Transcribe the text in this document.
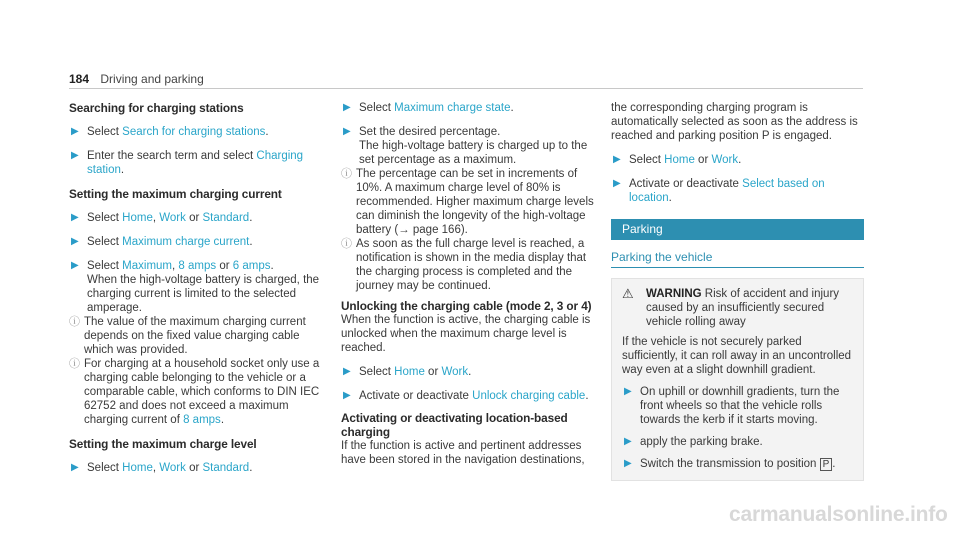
184 Driving and parking
Searching for charging stations
▶ Select Search for charging stations.
▶ Enter the search term and select Charging station.
Setting the maximum charging current
▶ Select Home, Work or Standard.
▶ Select Maximum charge current.
▶ Select Maximum, 8 amps or 6 amps.
When the high-voltage battery is charged, the charging current is limited to the selected amperage.
ⓘ The value of the maximum charging current depends on the fixed value charging cable which was provided.
ⓘ For charging at a household socket only use a charging cable belonging to the vehicle or a comparable cable, which conforms to DIN IEC 62752 and does not exceed a maximum charging current of 8 amps.
Setting the maximum charge level
▶ Select Home, Work or Standard.
▶ Select Maximum charge state.
▶ Set the desired percentage.
The high-voltage battery is charged up to the set percentage as a maximum.
ⓘ The percentage can be set in increments of 10%. A maximum charge level of 80% is recommended. Higher maximum charge levels can diminish the longevity of the high-voltage battery (→ page 166).
ⓘ As soon as the full charge level is reached, a notification is shown in the media display that the charging process is completed and the journey may be continued.
Unlocking the charging cable (mode 2, 3 or 4)
When the function is active, the charging cable is unlocked when the maximum charge level is reached.
▶ Select Home or Work.
▶ Activate or deactivate Unlock charging cable.
Activating or deactivating location-based charging
If the function is active and pertinent addresses have been stored in the navigation destinations,
the corresponding charging program is automatically selected as soon as the address is reached and parking position P is engaged.
▶ Select Home or Work.
▶ Activate or deactivate Select based on location.
Parking
Parking the vehicle
⚠	WARNING Risk of accident and injury caused by an insufficiently secured vehicle rolling away
If the vehicle is not securely parked sufficiently, it can roll away in an uncontrolled way even at a slight downhill gradient.
▶ On uphill or downhill gradients, turn the front wheels so that the vehicle rolls towards the kerb if it starts moving.
▶ apply the parking brake.
▶ Switch the transmission to position P .
carmanualsonline.info
